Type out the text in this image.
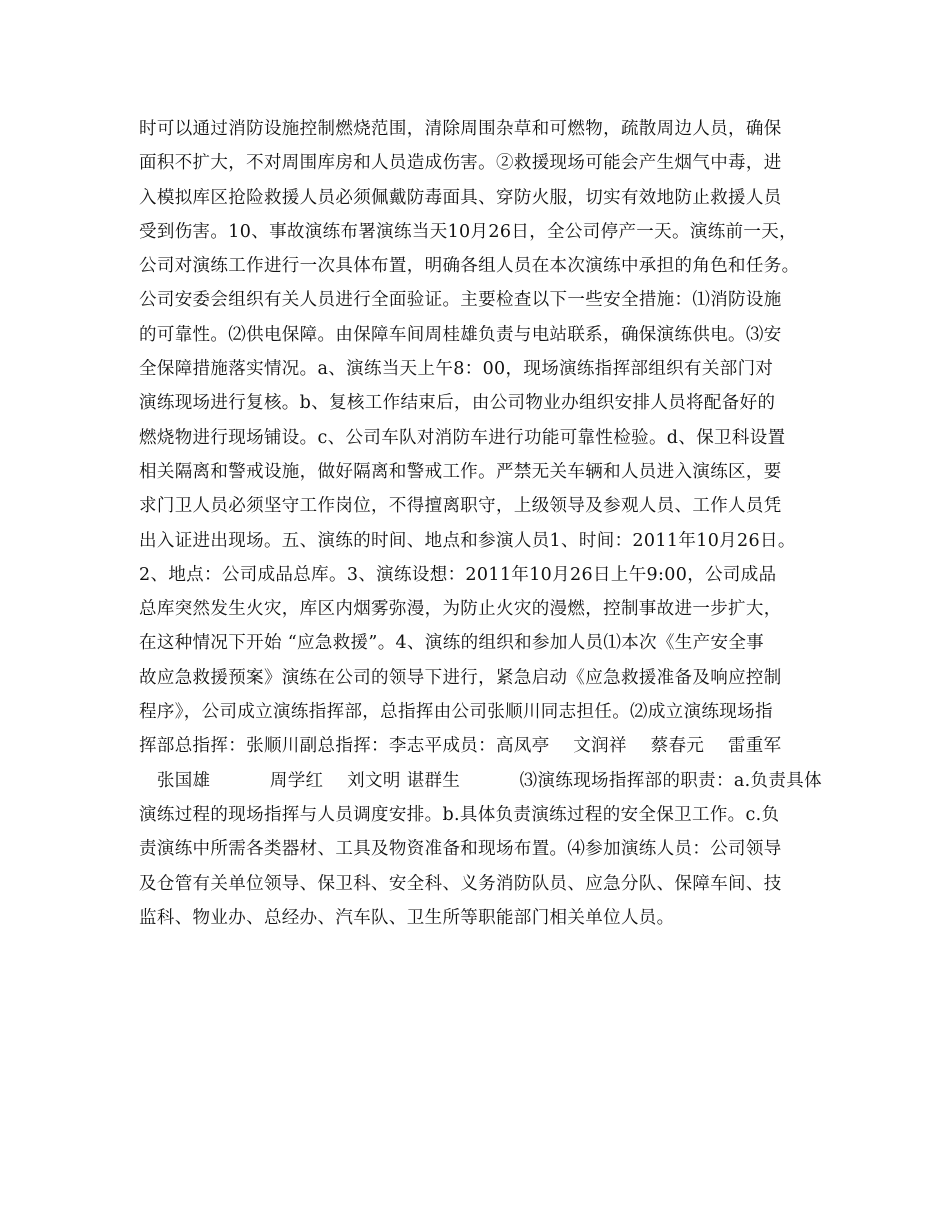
时可以通过消防设施控制燃烧范围，清除周围杂草和可燃物，疏散周边人员，确保
面积不扩大，不对周围库房和人员造成伤害。②救援现场可能会产生烟气中毒，进
入模拟库区抢险救援人员必须佩戴防毒面具、穿防火服，切实有效地防止救援人员
受到伤害。10、事故演练布署演练当天10月26日，全公司停产一天。演练前一天，
公司对演练工作进行一次具体布置，明确各组人员在本次演练中承担的角色和任务。
公司安委会组织有关人员进行全面验证。主要检查以下一些安全措施：⑴消防设施
的可靠性。⑵供电保障。由保障车间周桂雄负责与电站联系，确保演练供电。⑶安
全保障措施落实情况。a、演练当天上午8：00，现场演练指挥部组织有关部门对
演练现场进行复核。b、复核工作结束后，由公司物业办组织安排人员将配备好的
燃烧物进行现场铺设。c、公司车队对消防车进行功能可靠性检验。d、保卫科设置
相关隔离和警戒设施，做好隔离和警戒工作。严禁无关车辆和人员进入演练区，要
求门卫人员必须坚守工作岗位，不得擅离职守，上级领导及参观人员、工作人员凭
出入证进出现场。五、演练的时间、地点和参演人员1、时间：2011年10月26日。
2、地点：公司成品总库。3、演练设想：2011年10月26日上午9:00，公司成品
总库突然发生火灾，库区内烟雾弥漫，为防止火灾的漫燃，控制事故进一步扩大，
在这种情况下开始 “应急救援”。4、演练的组织和参加人员⑴本次《生产安全事
故应急救援预案》演练在公司的领导下进行，紧急启动《应急救援准备及响应控制
程序》，公司成立演练指挥部，总指挥由公司张顺川同志担任。⑵成立演练现场指
挥部总指挥：张顺川副总指挥：李志平成员：高凤亭　 文润祥　 蔡春元　 雷重军
　张国雄　　　 周学红　 刘文明 谌群生　　　 ⑶演练现场指挥部的职责：a.负责具体
演练过程的现场指挥与人员调度安排。b.具体负责演练过程的安全保卫工作。c.负
责演练中所需各类器材、工具及物资准备和现场布置。⑷参加演练人员：公司领导
及仓管有关单位领导、保卫科、安全科、义务消防队员、应急分队、保障车间、技
监科、物业办、总经办、汽车队、卫生所等职能部门相关单位人员。
